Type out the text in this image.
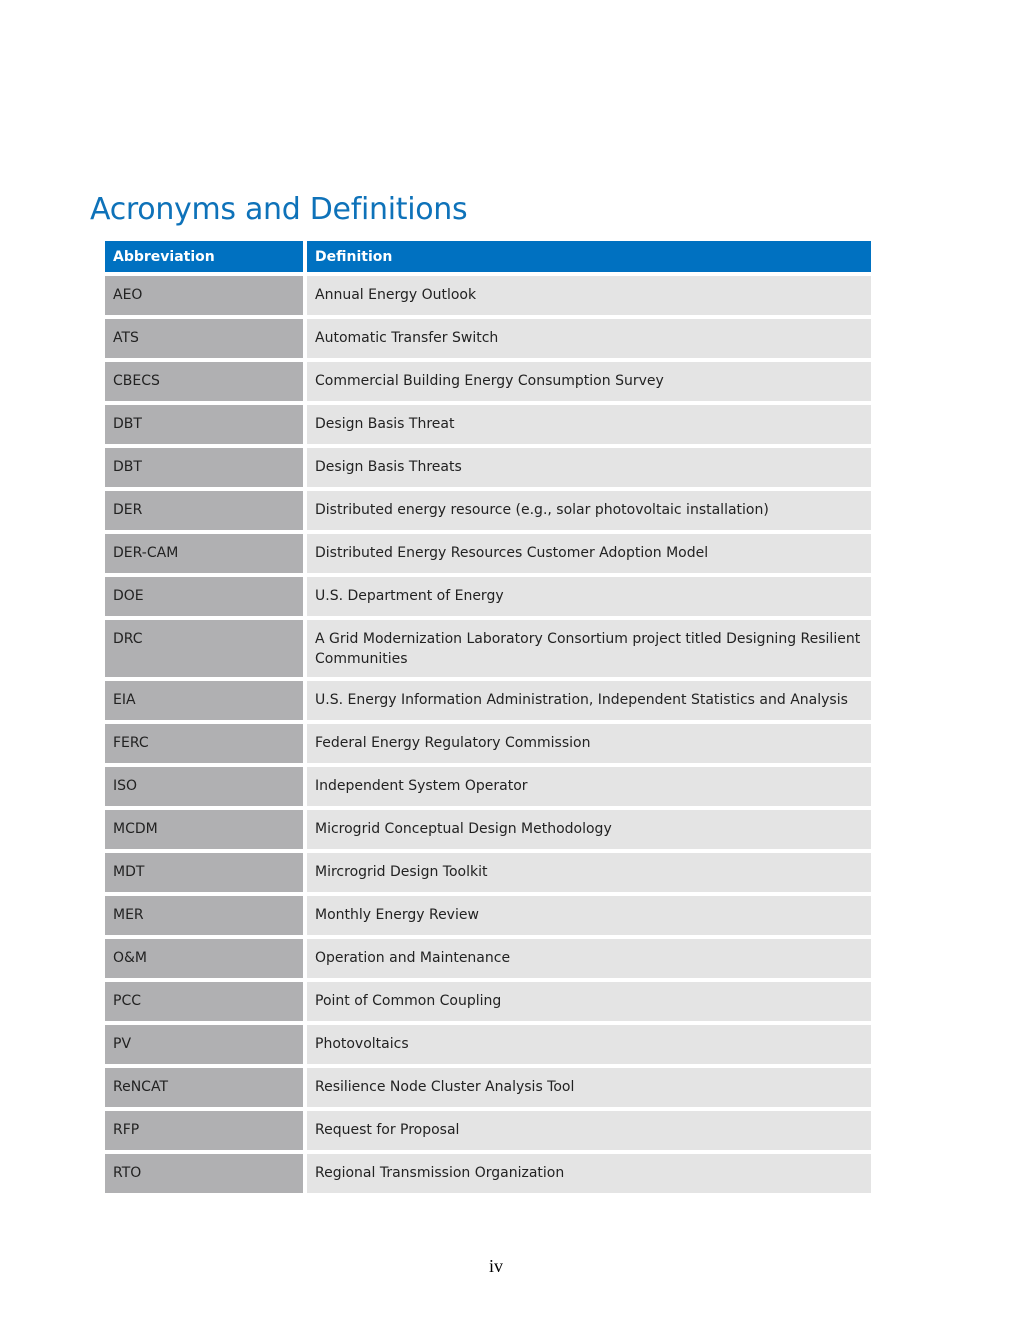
Acronyms and Definitions
Abbreviation	Definition
AEO	Annual Energy Outlook
ATS	Automatic Transfer Switch
CBECS	Commercial Building Energy Consumption Survey
DBT	Design Basis Threat
DBT	Design Basis Threats
DER	Distributed energy resource (e.g., solar photovoltaic installation)
DER-CAM	Distributed Energy Resources Customer Adoption Model
DOE	U.S. Department of Energy
DRC	A Grid Modernization Laboratory Consortium project titled Designing Resilient Communities
EIA	U.S. Energy Information Administration, Independent Statistics and Analysis
FERC	Federal Energy Regulatory Commission
ISO	Independent System Operator
MCDM	Microgrid Conceptual Design Methodology
MDT	Mircrogrid Design Toolkit
MER	Monthly Energy Review
O&M	Operation and Maintenance
PCC	Point of Common Coupling
PV	Photovoltaics
ReNCAT	Resilience Node Cluster Analysis Tool
RFP	Request for Proposal
RTO	Regional Transmission Organization
iv
